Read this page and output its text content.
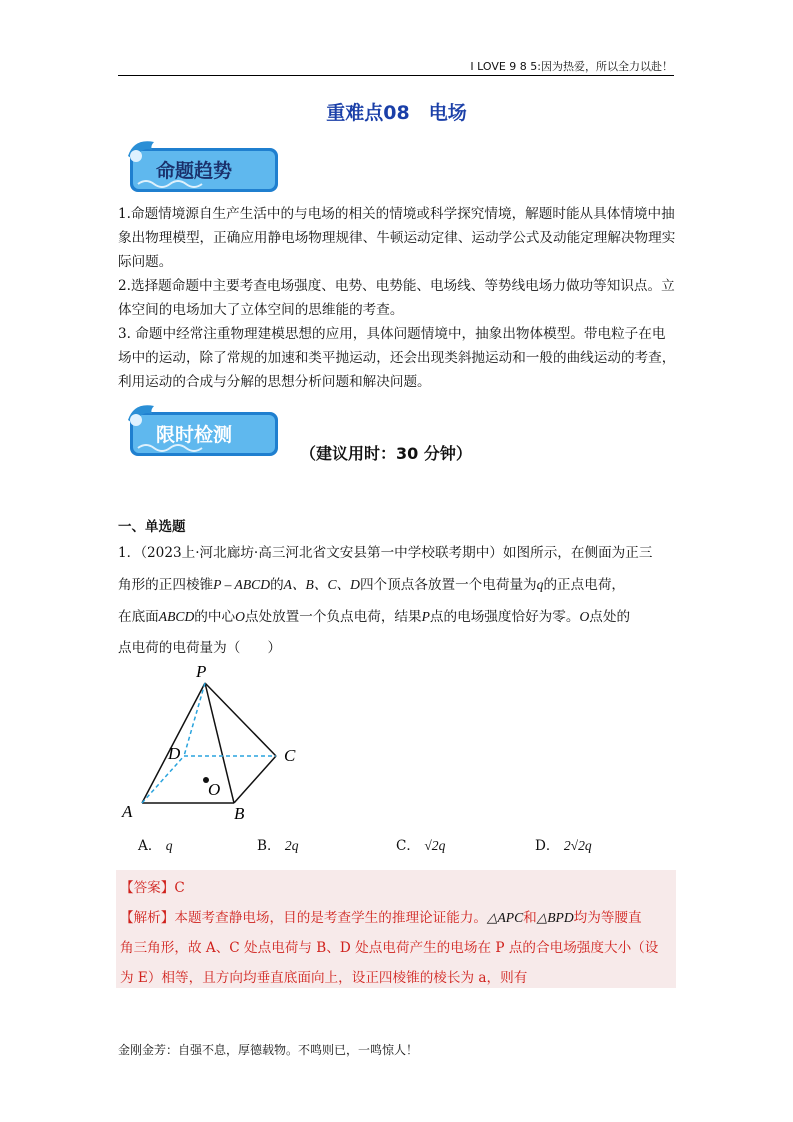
I LOVE 9 8 5:因为热爱，所以全力以赴！
重难点08　电场
命题趋势

1.命题情境源自生产生活中的与电场的相关的情境或科学探究情境，解题时能从具体情境中抽象出物理模型，正确应用静电场物理规律、牛顿运动定律、运动学公式及动能定理解决物理实际问题。

2.选择题命题中主要考查电场强度、电势、电势能、电场线、等势线电场力做功等知识点。立体空间的电场加大了立体空间的思维能的考查。

3. 命题中经常注重物理建模思想的应用，具体问题情境中，抽象出物体模型。带电粒子在电场中的运动，除了常规的加速和类平抛运动，还会出现类斜抛运动和一般的曲线运动的考查，利用运动的合成与分解的思想分析问题和解决问题。

限时检测
（建议用时：30 分钟）
一、单选题
1．（2023上·河北廊坊·高三河北省文安县第一中学校联考期中）如图所示，在侧面为正三
角形的正四棱锥P – ABCD的A、B、C、D四个顶点各放置一个电荷量为q的正点电荷，
在底面ABCD的中心O点处放置一个负点电荷，结果P点的电场强度恰好为零。O点处的
点电荷的电荷量为（　　）
P
D	C
O
A	B
A． q	B． 2q	C． √2q	D． 2√2q
【答案】C
【解析】本题考查静电场，目的是考查学生的推理论证能力。△APC和△BPD均为等腰直
角三角形，故 A、C 处点电荷与 B、D 处点电荷产生的电场在 P 点的合电场强度大小（设
为 E）相等，且方向均垂直底面向上，设正四棱锥的棱长为 a，则有
金刚金芳：自强不息，厚德载物。不鸣则已，一鸣惊人！
